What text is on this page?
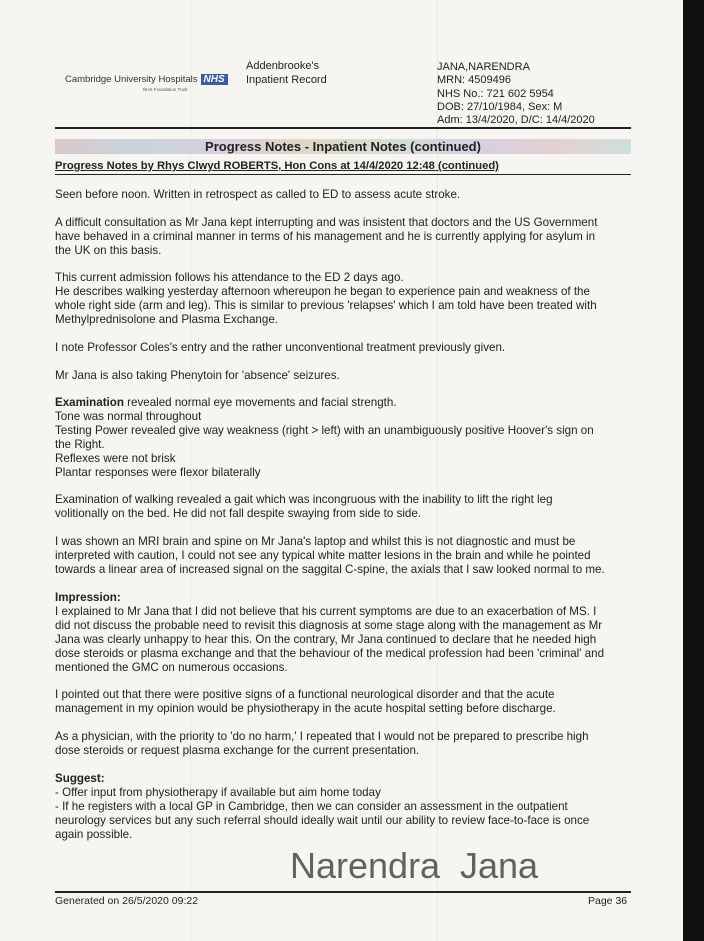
Cambridge University Hospitals NHS
NHS Foundation Trust
Addenbrooke's
Inpatient Record
JANA,NARENDRA
MRN: 4509496
NHS No.: 721 602 5954
DOB: 27/10/1984, Sex: M
Adm: 13/4/2020, D/C: 14/4/2020
Progress Notes - Inpatient Notes (continued)
Progress Notes by Rhys Clwyd ROBERTS, Hon Cons at 14/4/2020 12:48 (continued)
Seen before noon. Written in retrospect as called to ED to assess acute stroke.
A difficult consultation as Mr Jana kept interrupting and was insistent that doctors and the US Government
have behaved in a criminal manner in terms of his management and he is currently applying for asylum in
the UK on this basis.
This current admission follows his attendance to the ED 2 days ago.
He describes walking yesterday afternoon whereupon he began to experience pain and weakness of the
whole right side (arm and leg). This is similar to previous 'relapses' which I am told have been treated with
Methylprednisolone and Plasma Exchange.
I note Professor Coles's entry and the rather unconventional treatment previously given.
Mr Jana is also taking Phenytoin for 'absence' seizures.
Examination revealed normal eye movements and facial strength.
Tone was normal throughout
Testing Power revealed give way weakness (right > left) with an unambiguously positive Hoover's sign on
the Right.
Reflexes were not brisk
Plantar responses were flexor bilaterally
Examination of walking revealed a gait which was incongruous with the inability to lift the right leg
volitionally on the bed. He did not fall despite swaying from side to side.
I was shown an MRI brain and spine on Mr Jana's laptop and whilst this is not diagnostic and must be
interpreted with caution, I could not see any typical white matter lesions in the brain and while he pointed
towards a linear area of increased signal on the saggital C-spine, the axials that I saw looked normal to me.
Impression:
I explained to Mr Jana that I did not believe that his current symptoms are due to an exacerbation of MS. I
did not discuss the probable need to revisit this diagnosis at some stage along with the management as Mr
Jana was clearly unhappy to hear this. On the contrary, Mr Jana continued to declare that he needed high
dose steroids or plasma exchange and that the behaviour of the medical profession had been 'criminal' and
mentioned the GMC on numerous occasions.
I pointed out that there were positive signs of a functional neurological disorder and that the acute
management in my opinion would be physiotherapy in the acute hospital setting before discharge.
As a physician, with the priority to 'do no harm,' I repeated that I would not be prepared to prescribe high
dose steroids or request plasma exchange for the current presentation.
Suggest:
- Offer input from physiotherapy if available but aim home today
- If he registers with a local GP in Cambridge, then we can consider an assessment in the outpatient
neurology services but any such referral should ideally wait until our ability to review face-to-face is once
again possible.
Narendra Jana
Generated on 26/5/2020 09:22	Page 36
